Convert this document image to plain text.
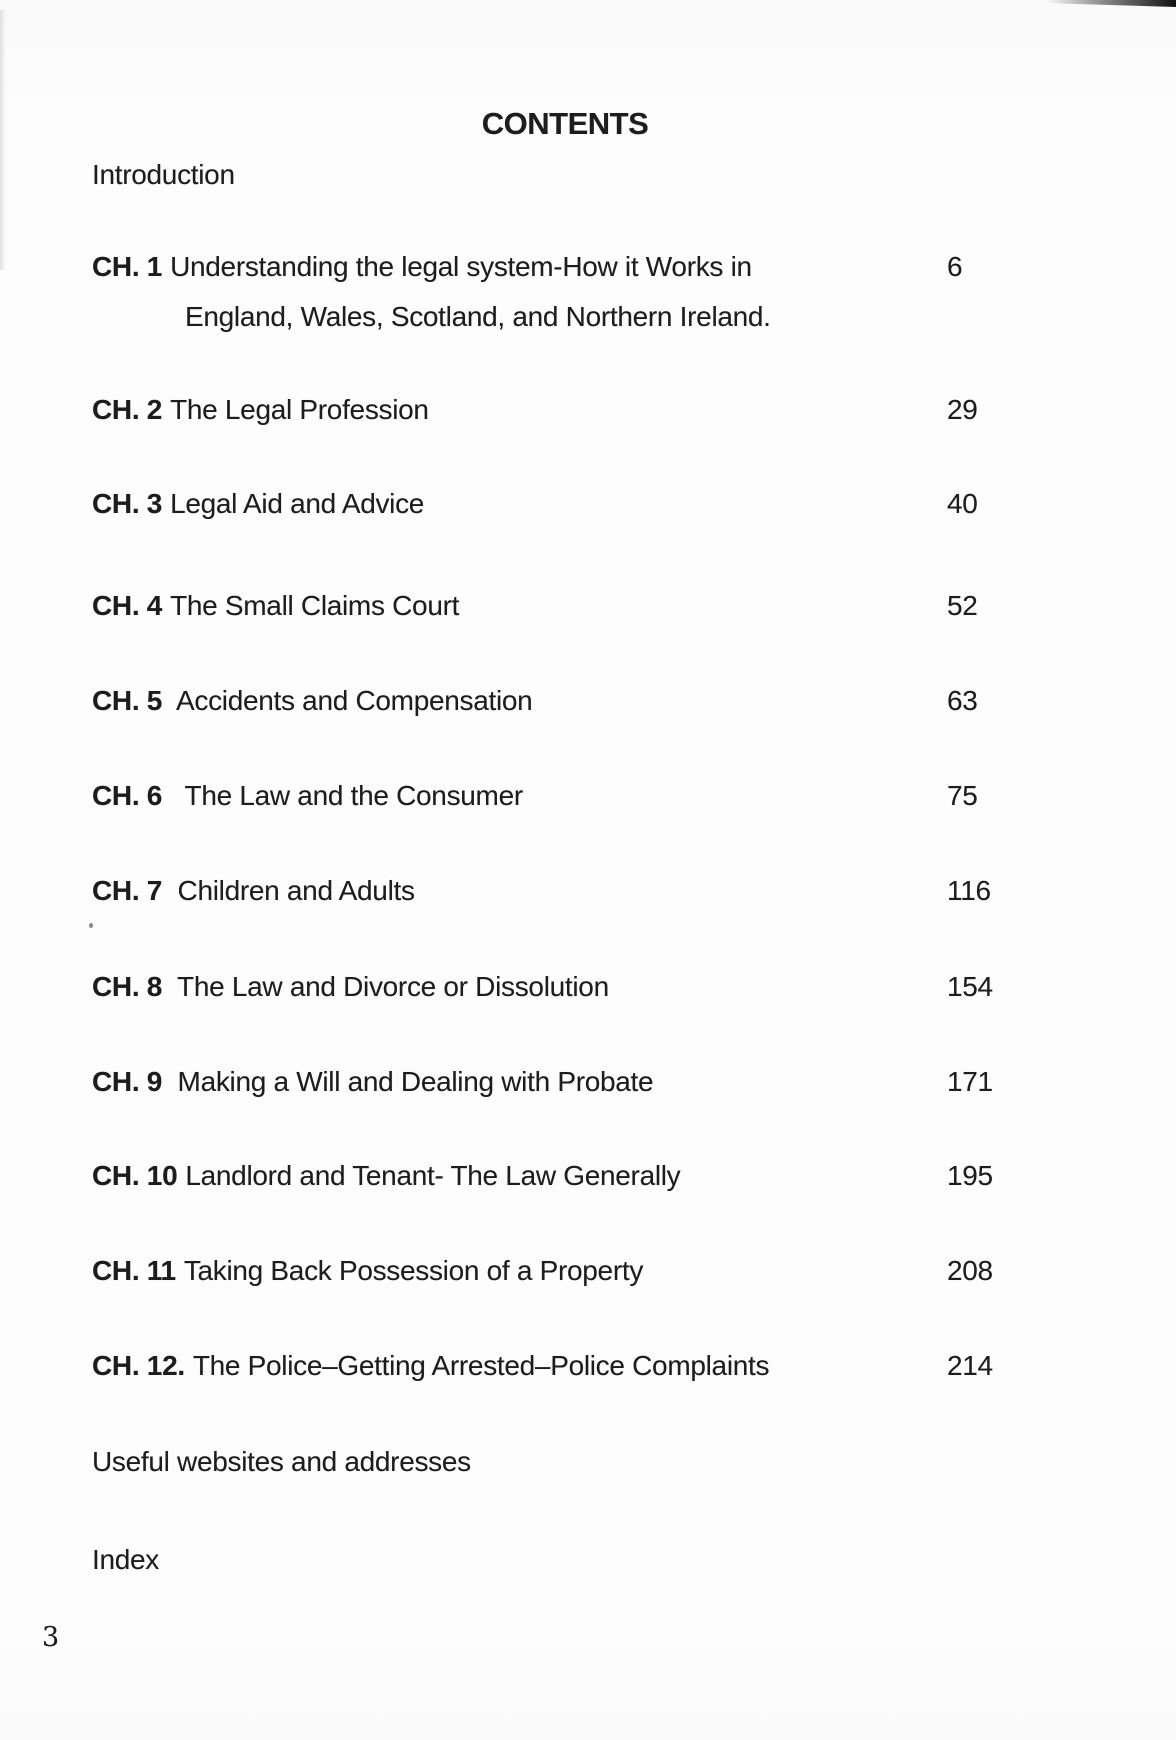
CONTENTS
Introduction
CH. 1 Understanding the legal system-How it Works in	6
England, Wales, Scotland, and Northern Ireland.
CH. 2 The Legal Profession	29
CH. 3 Legal Aid and Advice	40
CH. 4 The Small Claims Court	52
CH. 5 Accidents and Compensation	63
CH. 6  The Law and the Consumer	75
CH. 7 Children and Adults	116
CH. 8 The Law and Divorce or Dissolution	154
CH. 9 Making a Will and Dealing with Probate	171
CH. 10 Landlord and Tenant- The Law Generally	195
CH. 11 Taking Back Possession of a Property	208
CH. 12. The Police–Getting Arrested–Police Complaints	214
Useful websites and addresses
Index
3
